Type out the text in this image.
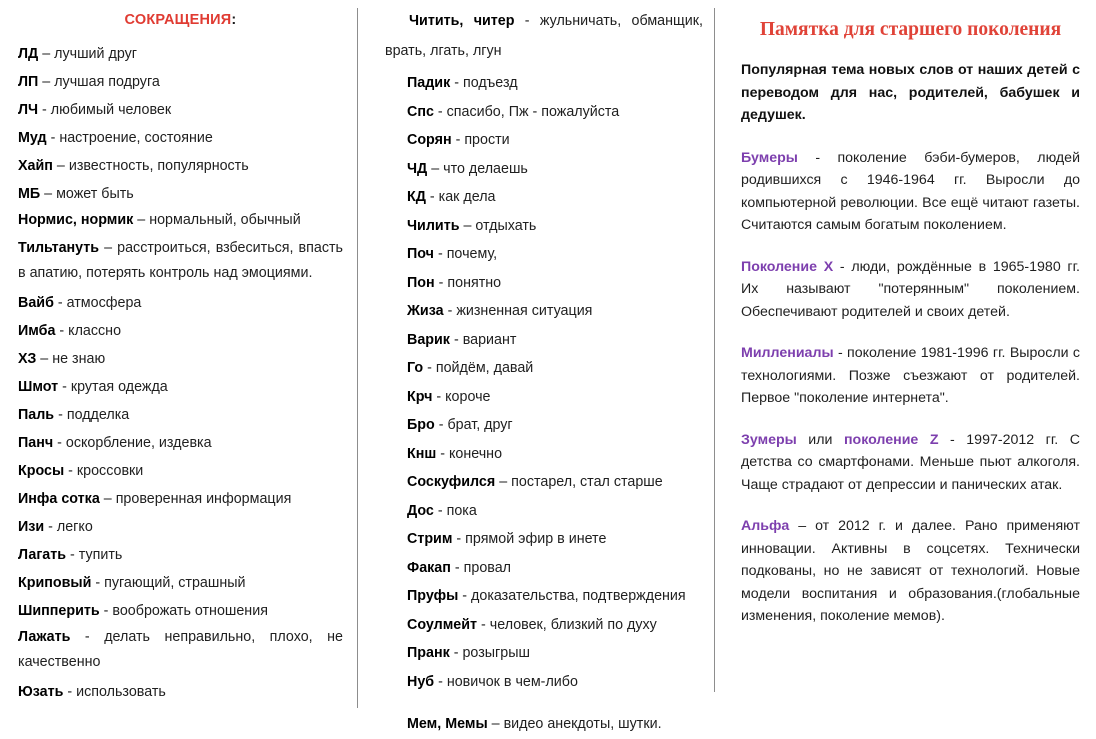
СОКРАЩЕНИЯ:

ЛД – лучший друг

ЛП – лучшая подруга

ЛЧ - любимый человек

Муд - настроение, состояние

Хайп – известность, популярность

МБ – может быть

Нормис, нормик – нормальный, обычный

Тильтануть – расстроиться, взбеситься, впасть в апатию, потерять контроль над эмоциями.

Вайб - атмосфера

Имба - классно

ХЗ – не знаю

Шмот - крутая одежда

Паль - подделка

Панч - оскорбление, издевка

Кросы - кроссовки

Инфа сотка – проверенная информация

Изи - легко

Лагать - тупить

Криповый - пугающий, страшный

Шипперить - вооброжать отношения

Лажать - делать неправильно, плохо, не качественно

Юзать - использовать

Читить, читер - жульничать, обманщик, врать, лгать, лгун

Падик - подъезд

Спс - спасибо, Пж - пожалуйста

Сорян - прости

ЧД – что делаешь

КД - как дела

Чилить – отдыхать

Поч - почему,

Пон - понятно

Жиза - жизненная ситуация

Варик - вариант

Го - пойдём, давай

Крч - короче

Бро - брат, друг

Кнш - конечно

Соскуфился – постарел, стал старше

Дос - пока

Стрим - прямой эфир в инете

Факап - провал

Пруфы - доказательства, подтверждения

Соулмейт - человек, близкий по духу

Пранк - розыгрыш

Нуб - новичок в чем-либо

Мем, Мемы – видео анекдоты, шутки.

Памятка для старшего поколения
Популярная тема новых слов от наших детей с переводом для нас, родителей, бабушек и дедушек.

Бумеры - поколение бэби-бумеров, людей родившихся с 1946-1964 гг. Выросли до компьютерной революции. Все ещё читают газеты. Считаются самым богатым поколением.

Поколение X - люди, рождённые в 1965-1980 гг. Их называют "потерянным" поколением. Обеспечивают родителей и своих детей.

Миллениалы - поколение 1981-1996 гг. Выросли с технологиями. Позже съезжают от родителей. Первое "поколение интернета".

Зумеры или поколение Z - 1997-2012 гг. С детства со смартфонами. Меньше пьют алкоголя. Чаще страдают от депрессии и панических атак.

Альфа – от 2012 г. и далее. Рано применяют инновации. Активны в соцсетях. Технически подкованы, но не зависят от технологий. Новые модели воспитания и образования.(глобальные изменения, поколение мемов).
